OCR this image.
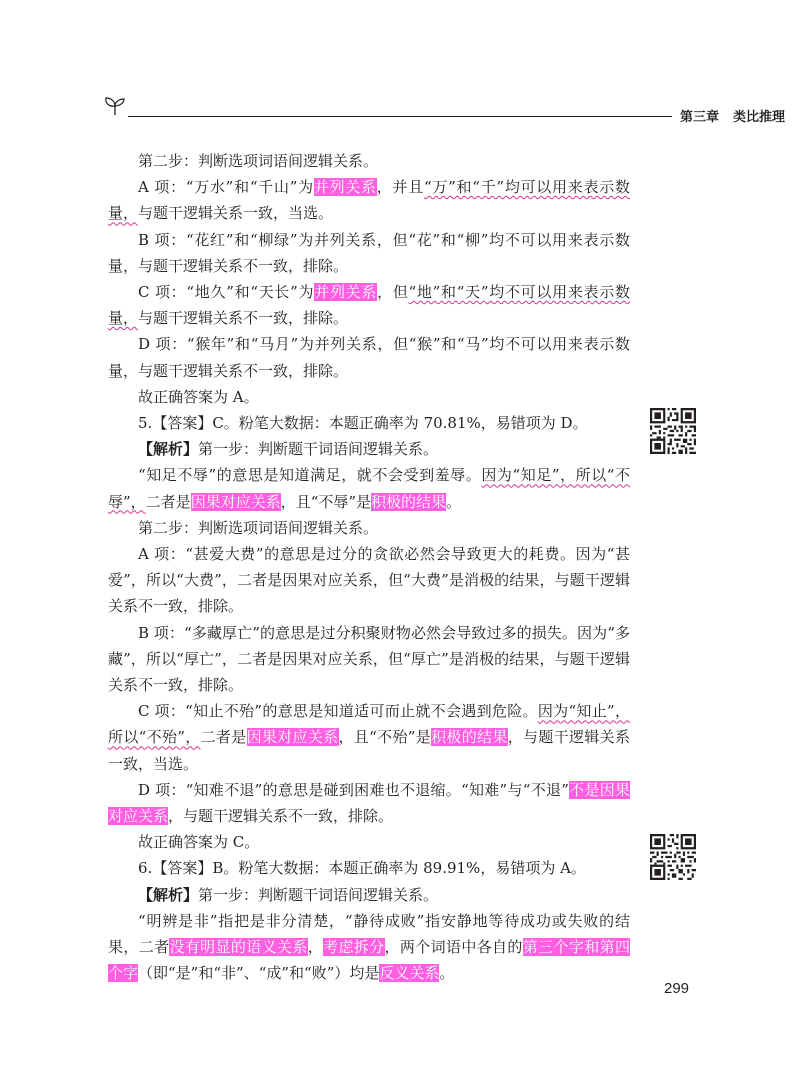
第三章 类比推理

第二步：判断选项词语间逻辑关系。

A 项：“万水”和“千山”为并列关系，并且“万”和“千”均可以用来表示数量，与题干逻辑关系一致，当选。

B 项：“花红”和“柳绿”为并列关系，但“花”和“柳”均不可以用来表示数量，与题干逻辑关系不一致，排除。

C 项：“地久”和“天长”为并列关系，但“地”和“天”均不可以用来表示数量，与题干逻辑关系不一致，排除。

D 项：“猴年”和“马月”为并列关系，但“猴”和“马”均不可以用来表示数量，与题干逻辑关系不一致，排除。

故正确答案为 A。

5.【答案】C。粉笔大数据：本题正确率为 70.81%，易错项为 D。

【解析】第一步：判断题干词语间逻辑关系。

“知足不辱”的意思是知道满足，就不会受到羞辱。因为“知足”，所以“不辱”，二者是因果对应关系，且“不辱”是积极的结果。

第二步：判断选项词语间逻辑关系。

A 项：“甚爱大费”的意思是过分的贪欲必然会导致更大的耗费。因为“甚爱”，所以“大费”，二者是因果对应关系，但“大费”是消极的结果，与题干逻辑关系不一致，排除。

B 项：“多藏厚亡”的意思是过分积聚财物必然会导致过多的损失。因为“多藏”，所以“厚亡”，二者是因果对应关系，但“厚亡”是消极的结果，与题干逻辑关系不一致，排除。

C 项：“知止不殆”的意思是知道适可而止就不会遇到危险。因为“知止”，所以“不殆”，二者是因果对应关系，且“不殆”是积极的结果，与题干逻辑关系一致，当选。

D 项：“知难不退”的意思是碰到困难也不退缩。“知难”与“不退”不是因果对应关系，与题干逻辑关系不一致，排除。

故正确答案为 C。

6.【答案】B。粉笔大数据：本题正确率为 89.91%，易错项为 A。

【解析】第一步：判断题干词语间逻辑关系。

“明辨是非”指把是非分清楚，“静待成败”指安静地等待成功或失败的结果，二者没有明显的语义关系，考虑拆分，两个词语中各自的第三个字和第四个字（即“是”和“非”、“成”和“败”）均是反义关系。

299
